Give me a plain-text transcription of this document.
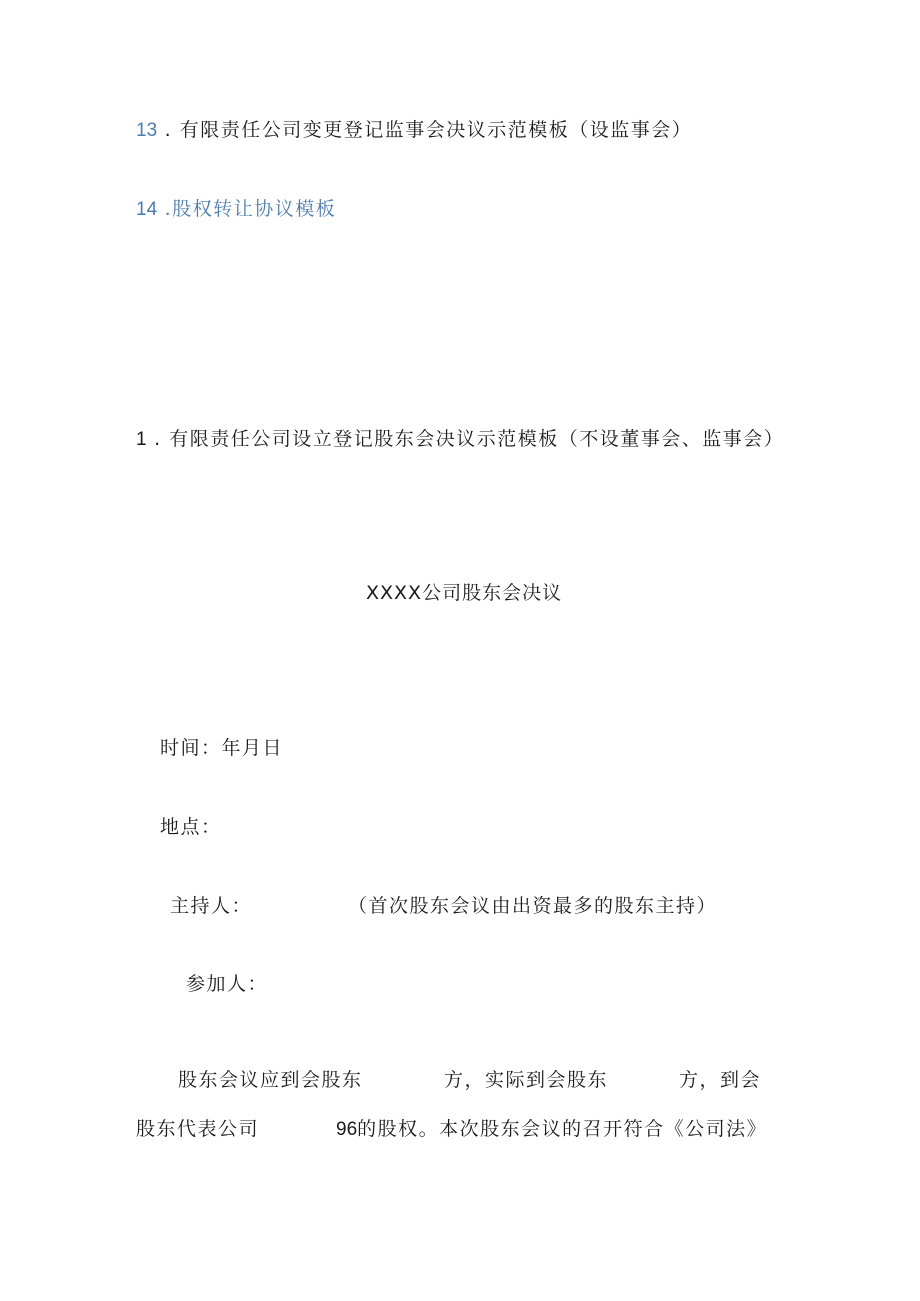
13 . 有限责任公司变更登记监事会决议示范模板（设监事会）
14 .股权转让协议模板
1 . 有限责任公司设立登记股东会决议示范模板（不设董事会、监事会）
XXXX公司股东会决议
时间：年月日
地点：
主持人：	（首次股东会议由出资最多的股东主持）
参加人：
股东会议应到会股东	方，实际到会股东	方，到会
股东代表公司	96的股权。本次股东会议的召开符合《公司法》
